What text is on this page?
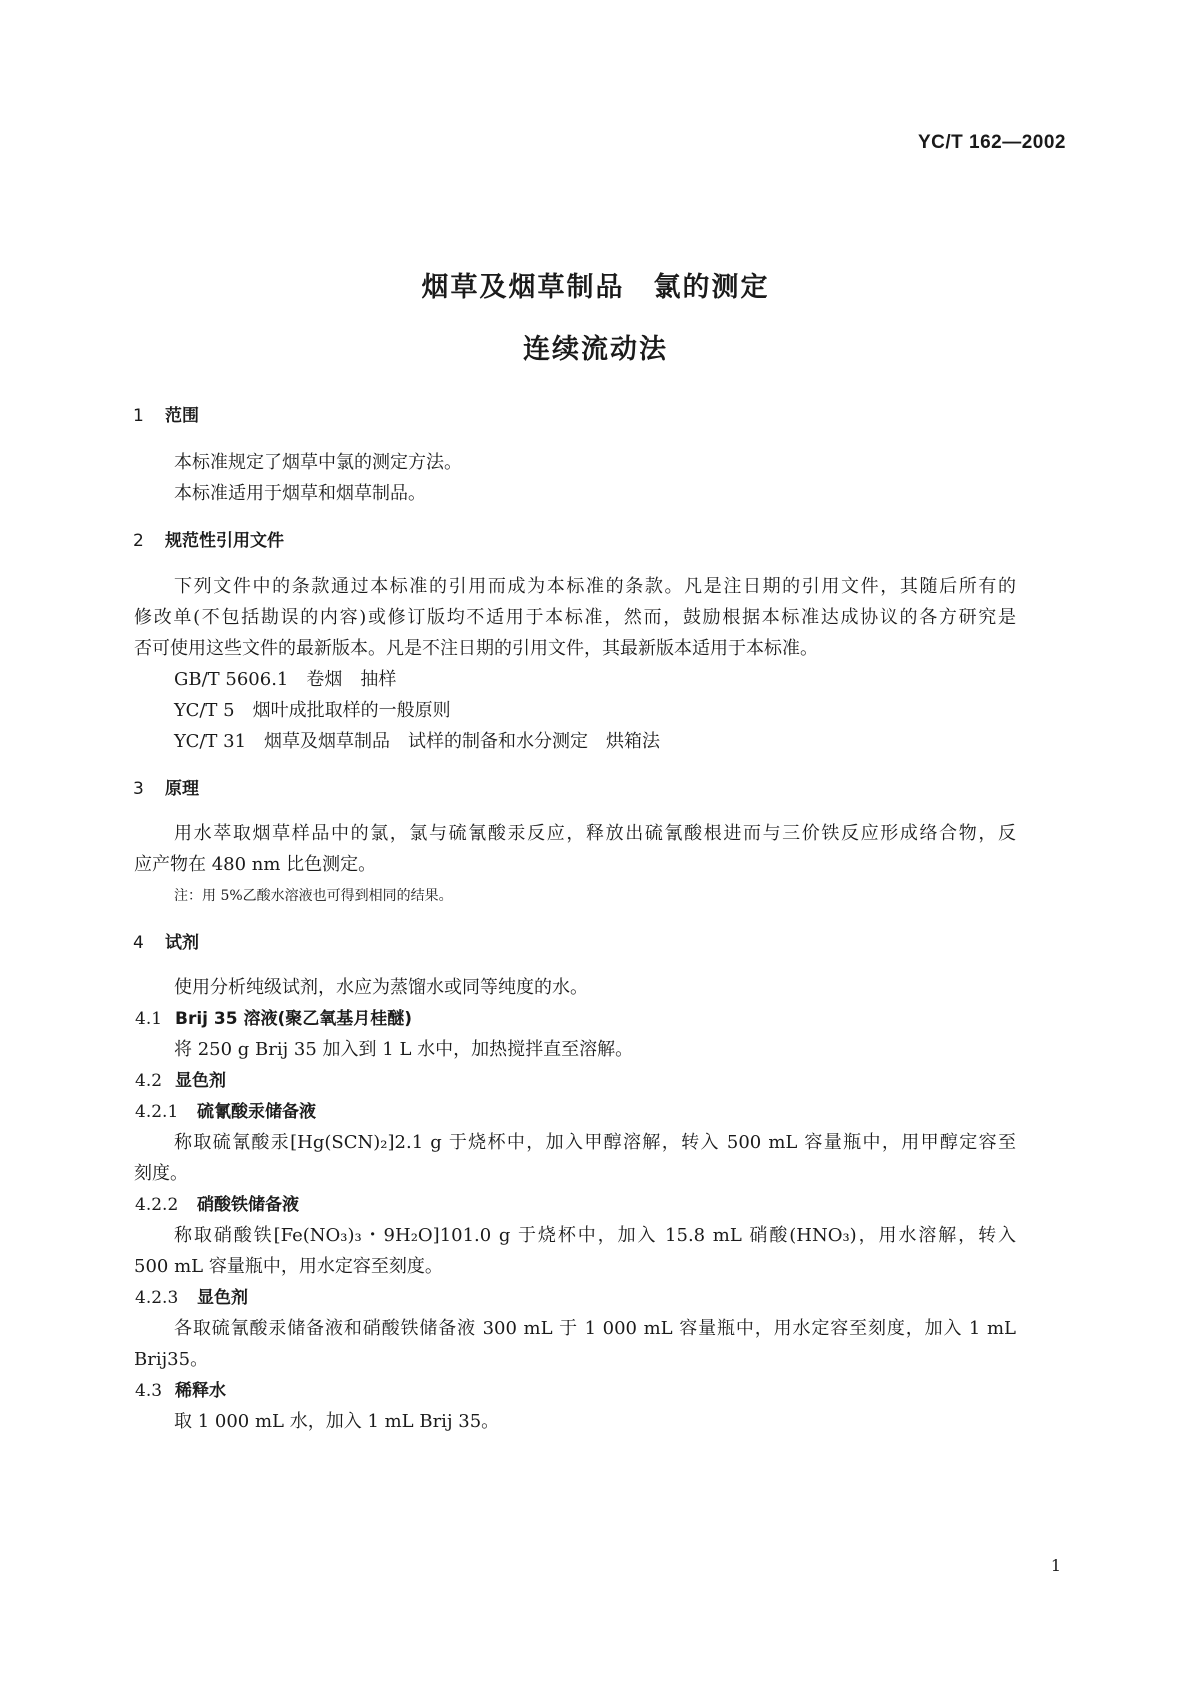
YC/T 162—2002
烟草及烟草制品　氯的测定
连续流动法
1 范围
本标准规定了烟草中氯的测定方法。
本标准适用于烟草和烟草制品。
2 规范性引用文件
下列文件中的条款通过本标准的引用而成为本标准的条款。凡是注日期的引用文件，其随后所有的
修改单(不包括勘误的内容)或修订版均不适用于本标准，然而，鼓励根据本标准达成协议的各方研究是
否可使用这些文件的最新版本。凡是不注日期的引用文件，其最新版本适用于本标准。
GB/T 5606.1　卷烟　抽样
YC/T 5　烟叶成批取样的一般原则
YC/T 31　烟草及烟草制品　试样的制备和水分测定　烘箱法
3 原理
用水萃取烟草样品中的氯，氯与硫氰酸汞反应，释放出硫氰酸根进而与三价铁反应形成络合物，反
应产物在 480 nm 比色测定。
注：用 5%乙酸水溶液也可得到相同的结果。
4 试剂
使用分析纯级试剂，水应为蒸馏水或同等纯度的水。
4.1 Brij 35 溶液(聚乙氧基月桂醚)
将 250 g Brij 35 加入到 1 L 水中，加热搅拌直至溶解。
4.2 显色剂
4.2.1 硫氰酸汞储备液
称取硫氰酸汞[Hg(SCN)₂]2.1 g 于烧杯中，加入甲醇溶解，转入 500 mL 容量瓶中，用甲醇定容至
刻度。
4.2.2 硝酸铁储备液
称取硝酸铁[Fe(NO₃)₃・9H₂O]101.0 g 于烧杯中，加入 15.8 mL 硝酸(HNO₃)，用水溶解，转入
500 mL 容量瓶中，用水定容至刻度。
4.2.3 显色剂
各取硫氰酸汞储备液和硝酸铁储备液 300 mL 于 1 000 mL 容量瓶中，用水定容至刻度，加入 1 mL
Brij35。
4.3 稀释水
取 1 000 mL 水，加入 1 mL Brij 35。
1
